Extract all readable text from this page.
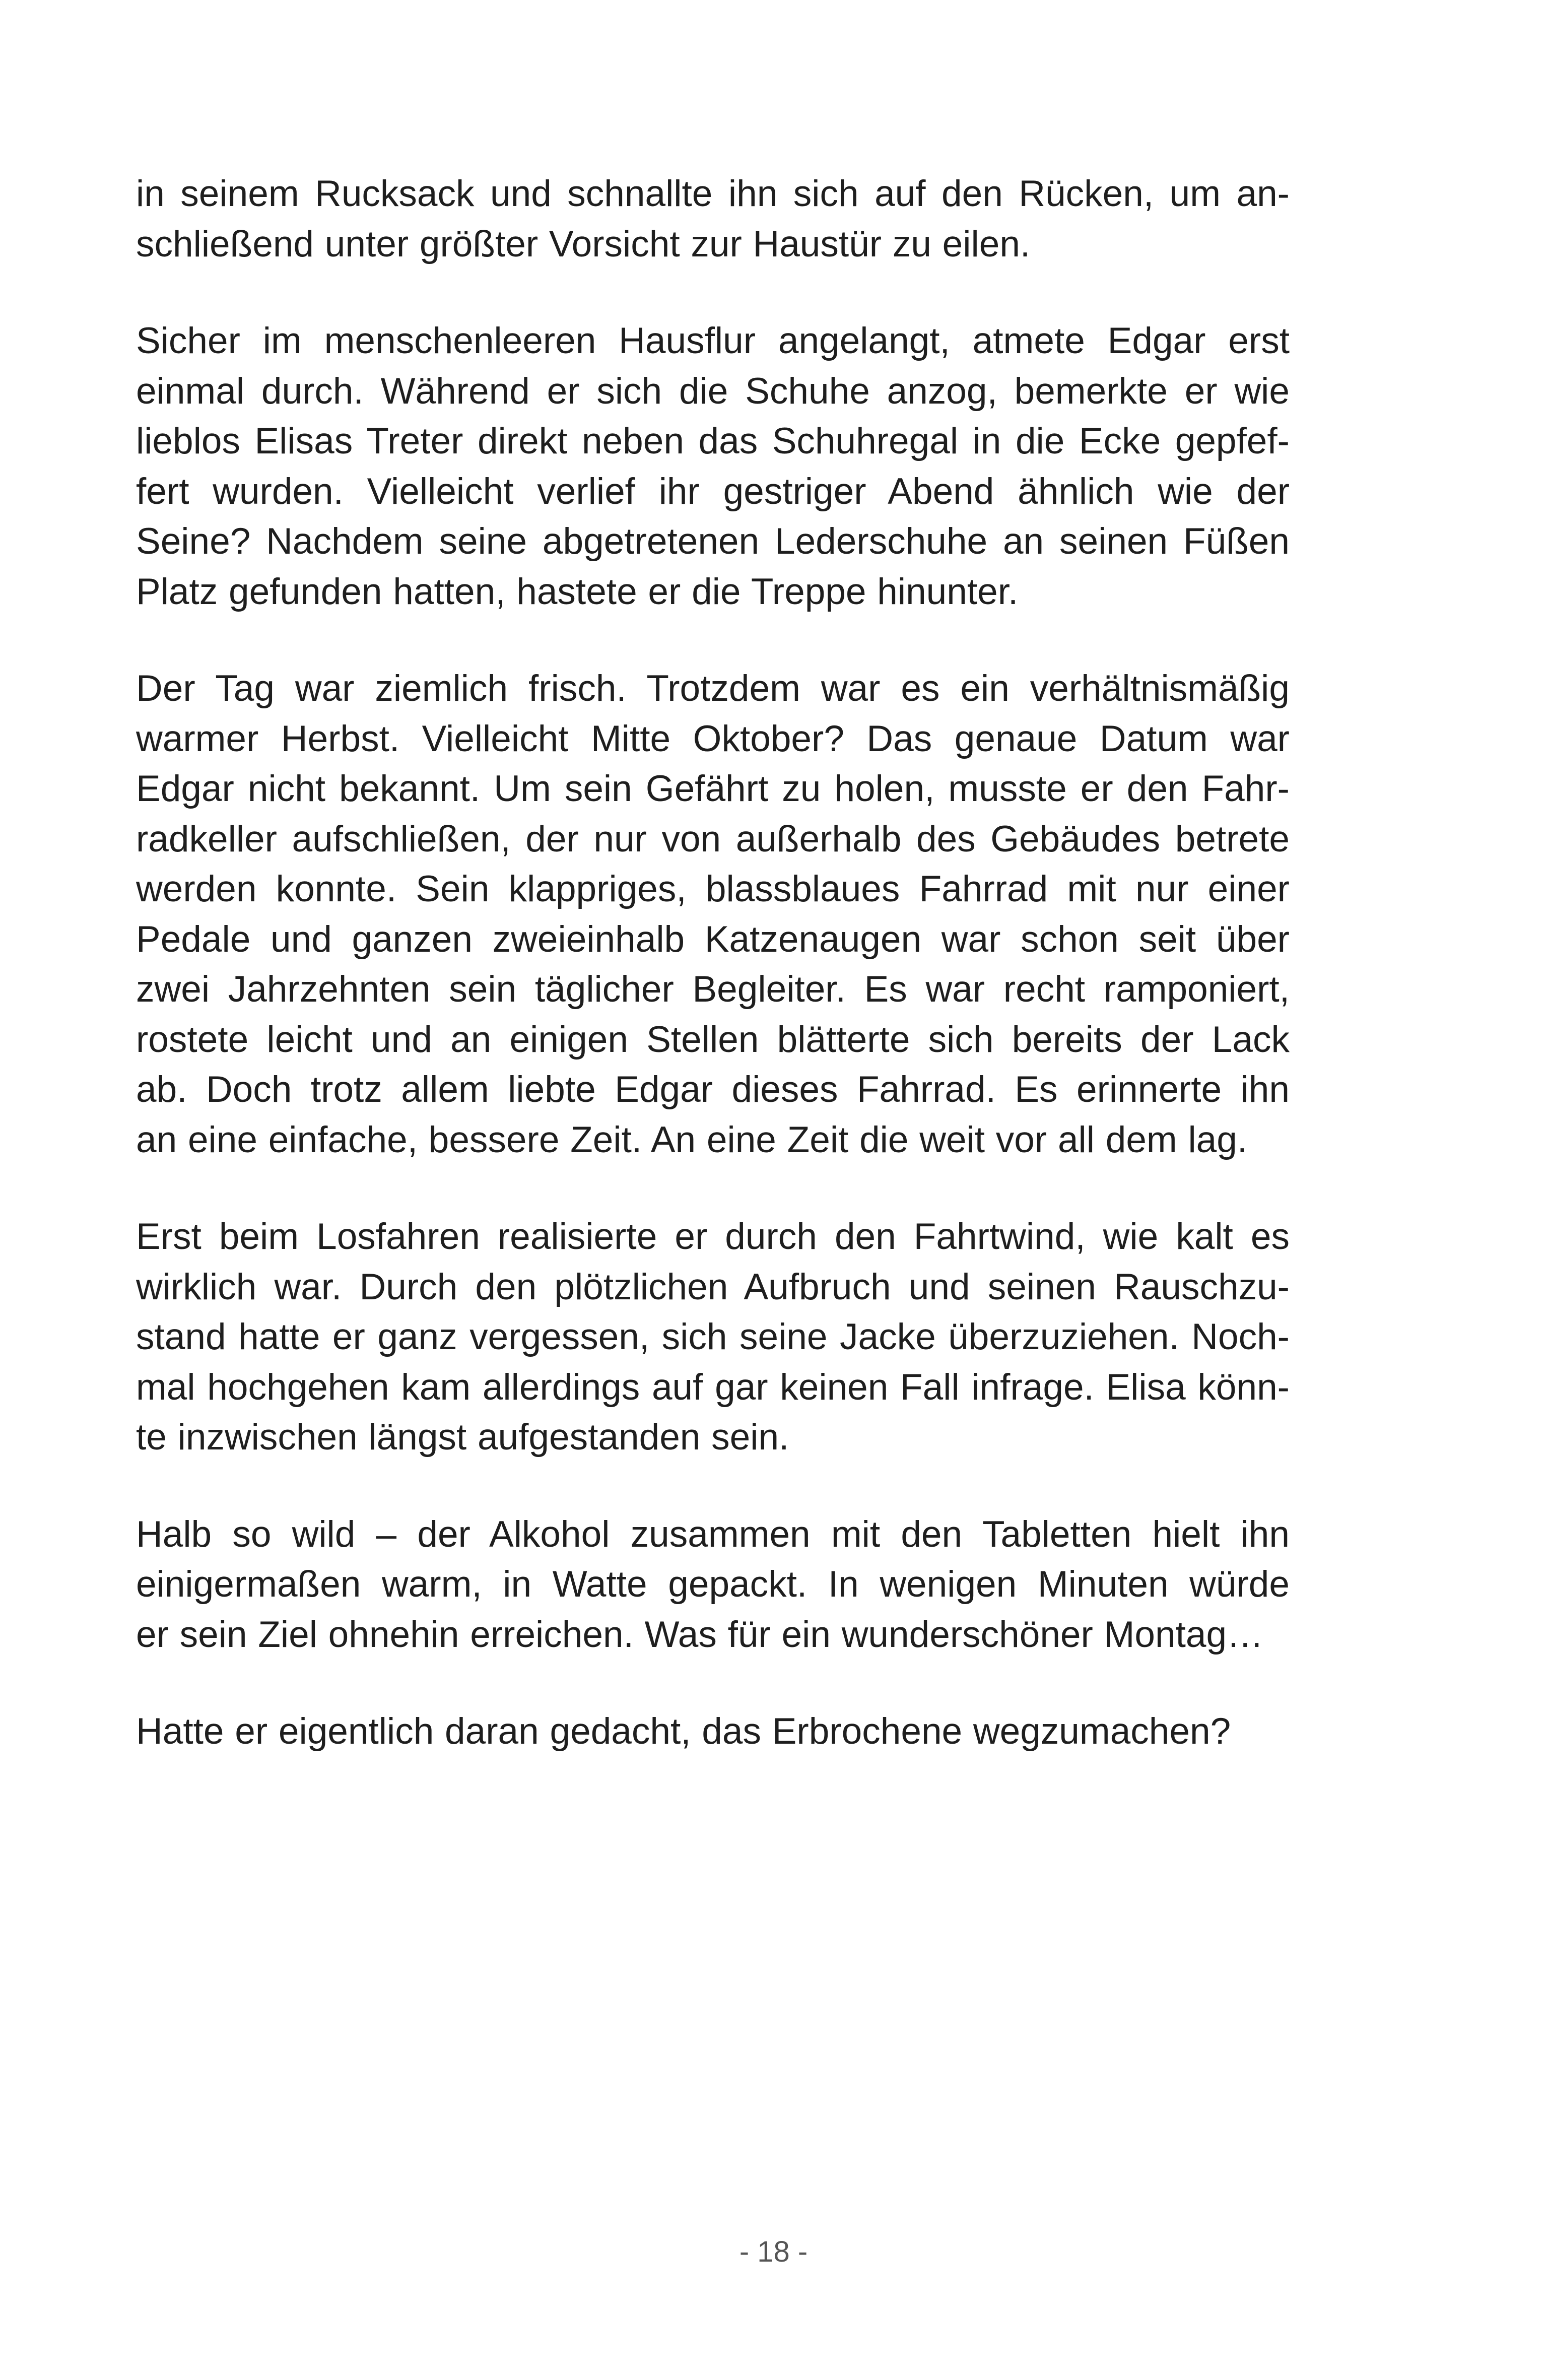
in seinem Rucksack und schnallte ihn sich auf den Rücken, um an-
schließend unter größter Vorsicht zur Haustür zu eilen.
Sicher im menschenleeren Hausflur angelangt, atmete Edgar erst
einmal durch. Während er sich die Schuhe anzog, bemerkte er wie
lieblos Elisas Treter direkt neben das Schuhregal in die Ecke gepfef-
fert wurden. Vielleicht verlief ihr gestriger Abend ähnlich wie der
Seine? Nachdem seine abgetretenen Lederschuhe an seinen Füßen
Platz gefunden hatten, hastete er die Treppe hinunter.
Der Tag war ziemlich frisch. Trotzdem war es ein verhältnismäßig
warmer Herbst. Vielleicht Mitte Oktober? Das genaue Datum war
Edgar nicht bekannt. Um sein Gefährt zu holen, musste er den Fahr-
radkeller aufschließen, der nur von außerhalb des Gebäudes betrete
werden konnte. Sein klappriges, blassblaues Fahrrad mit nur einer
Pedale und ganzen zweieinhalb Katzenaugen war schon seit über
zwei Jahrzehnten sein täglicher Begleiter. Es war recht ramponiert,
rostete leicht und an einigen Stellen blätterte sich bereits der Lack
ab. Doch trotz allem liebte Edgar dieses Fahrrad. Es erinnerte ihn
an eine einfache, bessere Zeit. An eine Zeit die weit vor all dem lag.
Erst beim Losfahren realisierte er durch den Fahrtwind, wie kalt es
wirklich war. Durch den plötzlichen Aufbruch und seinen Rauschzu-
stand hatte er ganz vergessen, sich seine Jacke überzuziehen. Noch-
mal hochgehen kam allerdings auf gar keinen Fall infrage. Elisa könn-
te inzwischen längst aufgestanden sein.
Halb so wild – der Alkohol zusammen mit den Tabletten hielt ihn
einigermaßen warm, in Watte gepackt. In wenigen Minuten würde
er sein Ziel ohnehin erreichen. Was für ein wunderschöner Montag…
Hatte er eigentlich daran gedacht, das Erbrochene wegzumachen?
- 18 -
